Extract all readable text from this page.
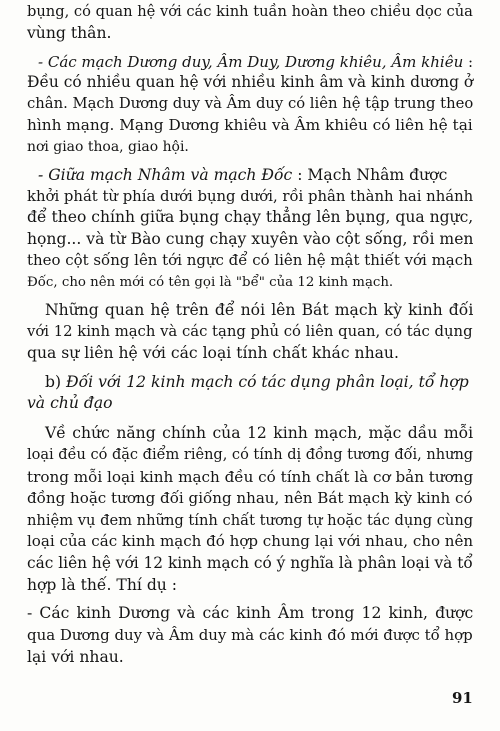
bụng, có quan hệ với các kinh tuần hoàn theo chiều dọc của
vùng thân.
- Các mạch Dương duy, Âm Duy, Dương khiêu, Âm khiêu :
Đều có nhiều quan hệ với nhiều kinh âm và kinh dương ở
chân. Mạch Dương duy và Âm duy có liên hệ tập trung theo
hình mạng. Mạng Dương khiêu và Âm khiêu có liên hệ tại
nơi giao thoa, giao hội.
- Giữa mạch Nhâm và mạch Đốc : Mạch Nhâm được
khởi phát từ phía dưới bụng dưới, rồi phân thành hai nhánh
để theo chính giữa bụng chạy thẳng lên bụng, qua ngực,
họng... và từ Bào cung chạy xuyên vào cột sống, rồi men
theo cột sống lên tới ngực để có liên hệ mật thiết với mạch
Đốc, cho nên mới có tên gọi là "bể" của 12 kinh mạch.
Những quan hệ trên để nói lên Bát mạch kỳ kinh đối
với 12 kinh mạch và các tạng phủ có liên quan, có tác dụng
qua sự liên hệ với các loại tính chất khác nhau.
b) Đối với 12 kinh mạch có tác dụng phân loại, tổ hợp
và chủ đạo
Về chức năng chính của 12 kinh mạch, mặc dầu mỗi
loại đều có đặc điểm riêng, có tính dị đồng tương đối, nhưng
trong mỗi loại kinh mạch đều có tính chất là cơ bản tương
đồng hoặc tương đối giống nhau, nên Bát mạch kỳ kinh có
nhiệm vụ đem những tính chất tương tự hoặc tác dụng cùng
loại của các kinh mạch đó hợp chung lại với nhau, cho nên
các liên hệ với 12 kinh mạch có ý nghĩa là phân loại và tổ
hợp là thế. Thí dụ :
- Các kinh Dương và các kinh Âm trong 12 kinh, được
qua Dương duy và Âm duy mà các kinh đó mới được tổ hợp
lại với nhau.
91
